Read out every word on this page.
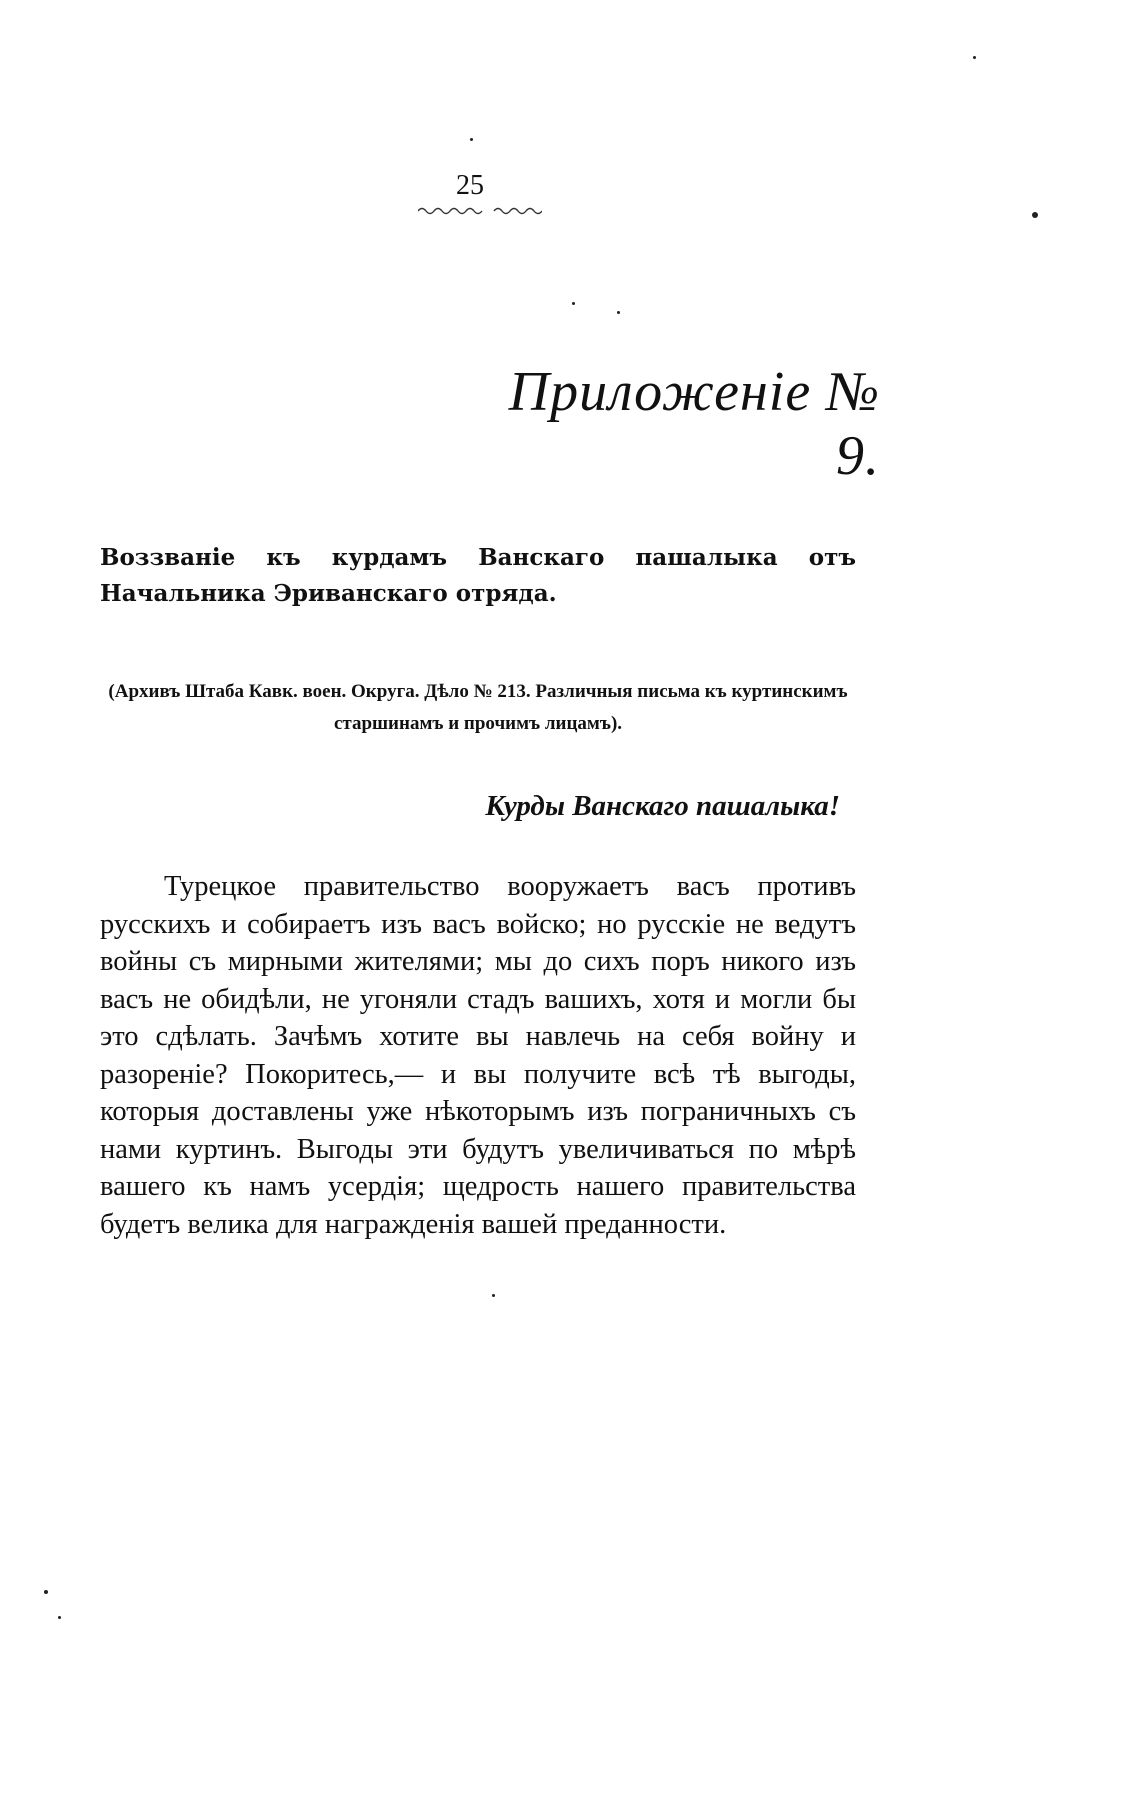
25
Приложеніе № 9.
Воззваніе къ курдамъ Ванскаго пашалыка отъ Начальника Эриванскаго отряда.
(Архивъ Штаба Кавк. воен. Округа. Дѣло № 213. Различныя письма къ куртинскимъ старшинамъ и прочимъ лицамъ).
Курды Ванскаго пашалыка!
Турецкое правительство вооружаетъ васъ противъ русскихъ и собираетъ изъ васъ войско; но русскіе не ведутъ войны съ мирными жителями; мы до сихъ поръ никого изъ васъ не обидѣли, не угоняли стадъ вашихъ, хотя и могли бы это сдѣлать. Зачѣмъ хотите вы навлечь на себя войну и разореніе? Покоритесь,— и вы получите всѣ тѣ выгоды, которыя доставлены уже нѣкоторымъ изъ пограничныхъ съ нами куртинъ. Выгоды эти будутъ увеличиваться по мѣрѣ вашего къ намъ усердія; щедрость нашего правительства будетъ велика для награжденія вашей преданности.
